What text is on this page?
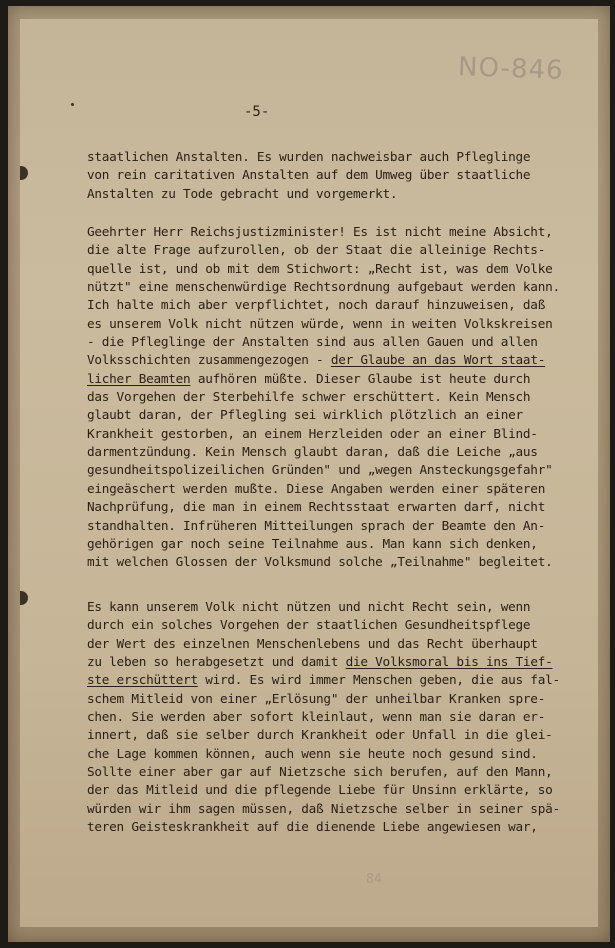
NO-846
-5-
staatlichen Anstalten. Es wurden nachweisbar auch Pfleglinge
von rein caritativen Anstalten auf dem Umweg über staatliche
Anstalten zu Tode gebracht und vorgemerkt.
Geehrter Herr Reichsjustizminister! Es ist nicht meine Absicht,
die alte Frage aufzurollen, ob der Staat die alleinige Rechts-
quelle ist, und ob mit dem Stichwort: „Recht ist, was dem Volke
nützt" eine menschenwürdige Rechtsordnung aufgebaut werden kann.
Ich halte mich aber verpflichtet, noch darauf hinzuweisen, daß
es unserem Volk nicht nützen würde, wenn in weiten Volkskreisen
- die Pfleglinge der Anstalten sind aus allen Gauen und allen
Volksschichten zusammengezogen - der Glaube an das Wort staat-
licher Beamten aufhören müßte. Dieser Glaube ist heute durch
das Vorgehen der Sterbehilfe schwer erschüttert. Kein Mensch
glaubt daran, der Pflegling sei wirklich plötzlich an einer
Krankheit gestorben, an einem Herzleiden oder an einer Blind-
darmentzündung. Kein Mensch glaubt daran, daß die Leiche „aus
gesundheitspolizeilichen Gründen" und „wegen Ansteckungsgefahr"
eingeäschert werden mußte. Diese Angaben werden einer späteren
Nachprüfung, die man in einem Rechtsstaat erwarten darf, nicht
standhalten. Infrüheren Mitteilungen sprach der Beamte den An-
gehörigen gar noch seine Teilnahme aus. Man kann sich denken,
mit welchen Glossen der Volksmund solche „Teilnahme" begleitet.
Es kann unserem Volk nicht nützen und nicht Recht sein, wenn
durch ein solches Vorgehen der staatlichen Gesundheitspflege
der Wert des einzelnen Menschenlebens und das Recht überhaupt
zu leben so herabgesetzt und damit die Volksmoral bis ins Tief-
ste erschüttert wird. Es wird immer Menschen geben, die aus fal-
schem Mitleid von einer „Erlösung" der unheilbar Kranken spre-
chen. Sie werden aber sofort kleinlaut, wenn man sie daran er-
innert, daß sie selber durch Krankheit oder Unfall in die glei-
che Lage kommen können, auch wenn sie heute noch gesund sind.
Sollte einer aber gar auf Nietzsche sich berufen, auf den Mann,
der das Mitleid und die pflegende Liebe für Unsinn erklärte, so
würden wir ihm sagen müssen, daß Nietzsche selber in seiner spä-
teren Geisteskrankheit auf die dienende Liebe angewiesen war,
84
